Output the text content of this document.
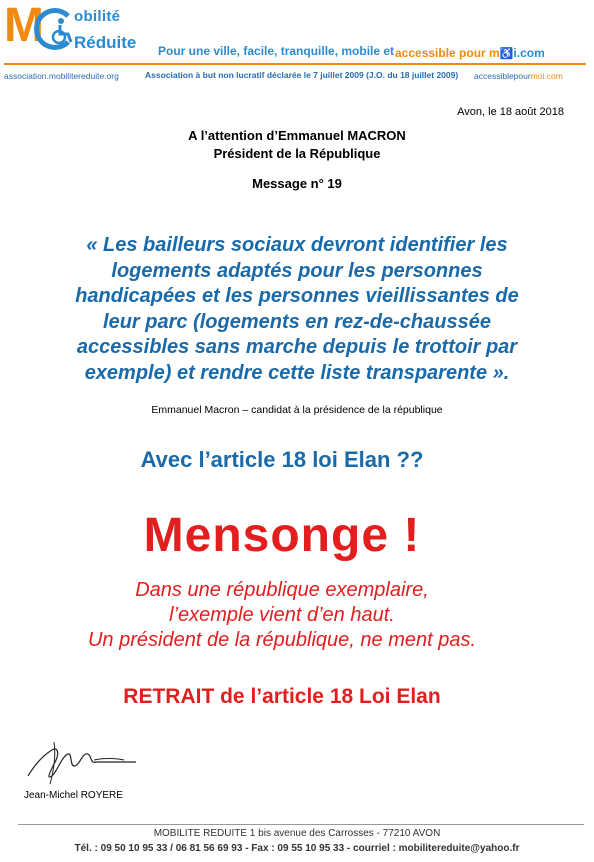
M obilité
Réduite Pour une ville, facile, tranquille, mobile et accessible pour m♿i.com
association.mobilitereduite.org	Association à but non lucratif déclarée le 7 juillet 2009 (J.O. du 18 juillet 2009) accessiblepourmoi.com
Avon, le 18 août 2018
A l’attention d’Emmanuel MACRON
Président de la République
Message n° 19
« Les bailleurs sociaux devront identifier les
logements adaptés pour les personnes
handicapées et les personnes vieillissantes de
leur parc (logements en rez-de-chaussée
accessibles sans marche depuis le trottoir par
exemple) et rendre cette liste transparente ».
Emmanuel Macron – candidat à la présidence de la république
Avec l’article 18 loi Elan ??
Mensonge !
Dans une république exemplaire,
l’exemple vient d’en haut.
Un président de la république, ne ment pas.
RETRAIT de l’article 18 Loi Elan
Jean-Michel ROYERE
MOBILITE REDUITE 1 bis avenue des Carrosses - 77210 AVON
Tél. : 09 50 10 95 33 / 06 81 56 69 93 - Fax : 09 55 10 95 33 - courriel : mobilitereduite@yahoo.fr
